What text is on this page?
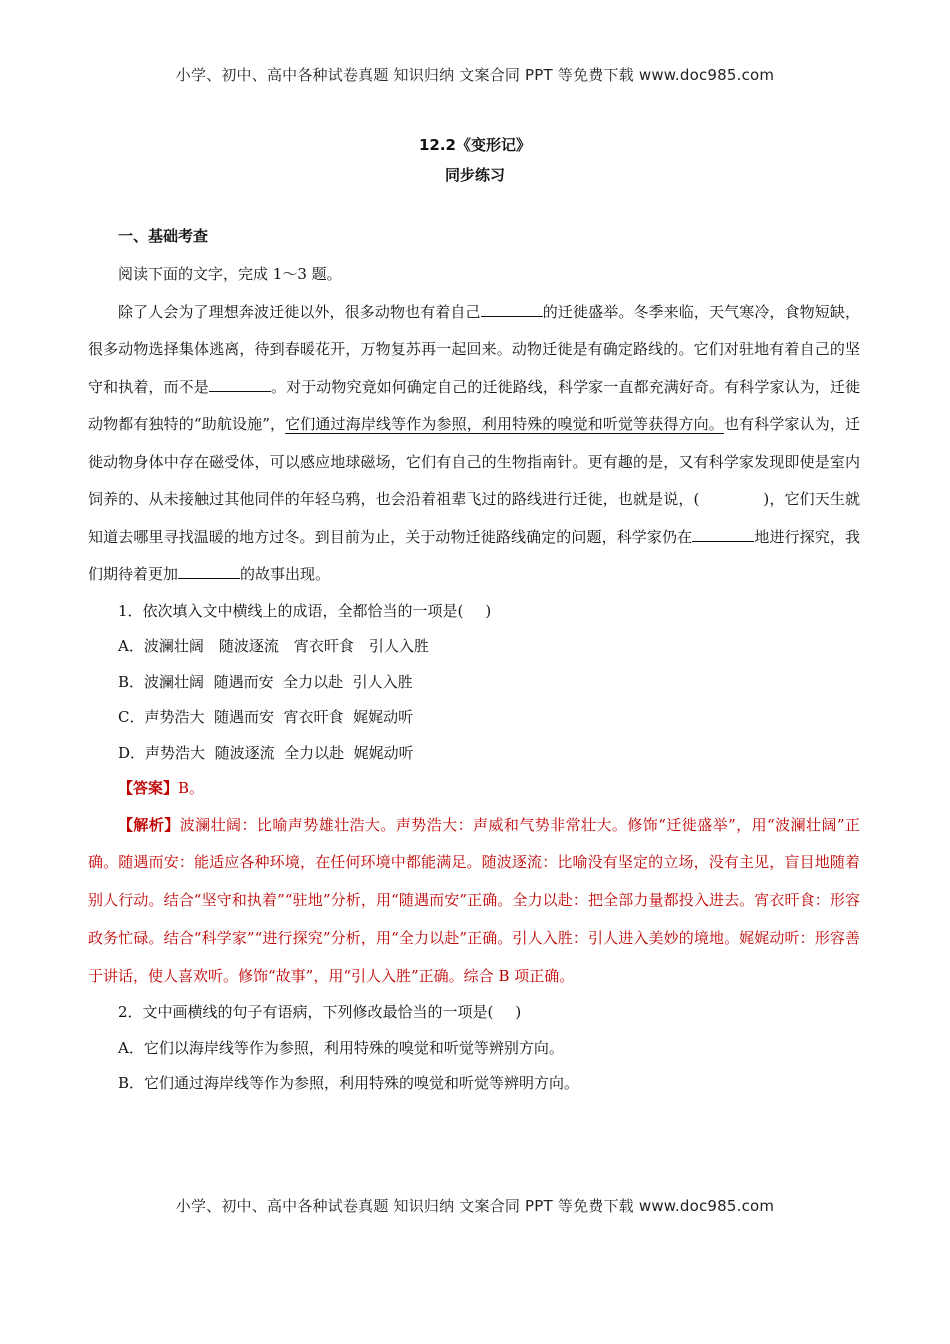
小学、初中、高中各种试卷真题 知识归纳 文案合同 PPT 等免费下载 www.doc985.com
12.2《变形记》
同步练习
一、基础考查
阅读下面的文字，完成 1～3 题。
除了人会为了理想奔波迁徙以外，很多动物也有着自己	的迁徙盛举。冬季来临，天气寒冷，食物短缺，很多动物选择集体逃离，待到春暖花开，万物复苏再一起回来。动物迁徙是有确定路线的。它们对驻地有着自己的坚守和执着，而不是	。对于动物究竟如何确定自己的迁徙路线，科学家一直都充满好奇。有科学家认为，迁徙动物都有独特的“助航设施”，它们通过海岸线等作为参照，利用特殊的嗅觉和听觉等获得方向。也有科学家认为，迁徙动物身体中存在磁受体，可以感应地球磁场，它们有自己的生物指南针。更有趣的是，又有科学家发现即使是室内饲养的、从未接触过其他同伴的年轻乌鸦，也会沿着祖辈飞过的路线进行迁徙，也就是说，(	)，它们天生就知道去哪里寻找温暖的地方过冬。到目前为止，关于动物迁徙路线确定的问题，科学家仍在	地进行探究，我们期待着更加	的故事出现。
1．依次填入文中横线上的成语，全都恰当的一项是( )
A．波澜壮阔　随波逐流　宵衣旰食　引人入胜
B．波澜壮阔  随遇而安  全力以赴  引人入胜
C．声势浩大  随遇而安  宵衣旰食  娓娓动听
D．声势浩大  随波逐流  全力以赴  娓娓动听
【答案】B。
【解析】波澜壮阔：比喻声势雄壮浩大。声势浩大：声威和气势非常壮大。修饰“迁徙盛举”，用“波澜壮阔”正确。随遇而安：能适应各种环境，在任何环境中都能满足。随波逐流：比喻没有坚定的立场，没有主见，盲目地随着别人行动。结合“坚守和执着”“驻地”分析，用“随遇而安”正确。全力以赴：把全部力量都投入进去。宵衣旰食：形容政务忙碌。结合“科学家”“进行探究”分析，用“全力以赴”正确。引人入胜：引人进入美妙的境地。娓娓动听：形容善于讲话，使人喜欢听。修饰“故事”，用“引人入胜”正确。综合 B 项正确。
2．文中画横线的句子有语病，下列修改最恰当的一项是( )
A．它们以海岸线等作为参照，利用特殊的嗅觉和听觉等辨别方向。
B．它们通过海岸线等作为参照，利用特殊的嗅觉和听觉等辨明方向。
小学、初中、高中各种试卷真题 知识归纳 文案合同 PPT 等免费下载 www.doc985.com
